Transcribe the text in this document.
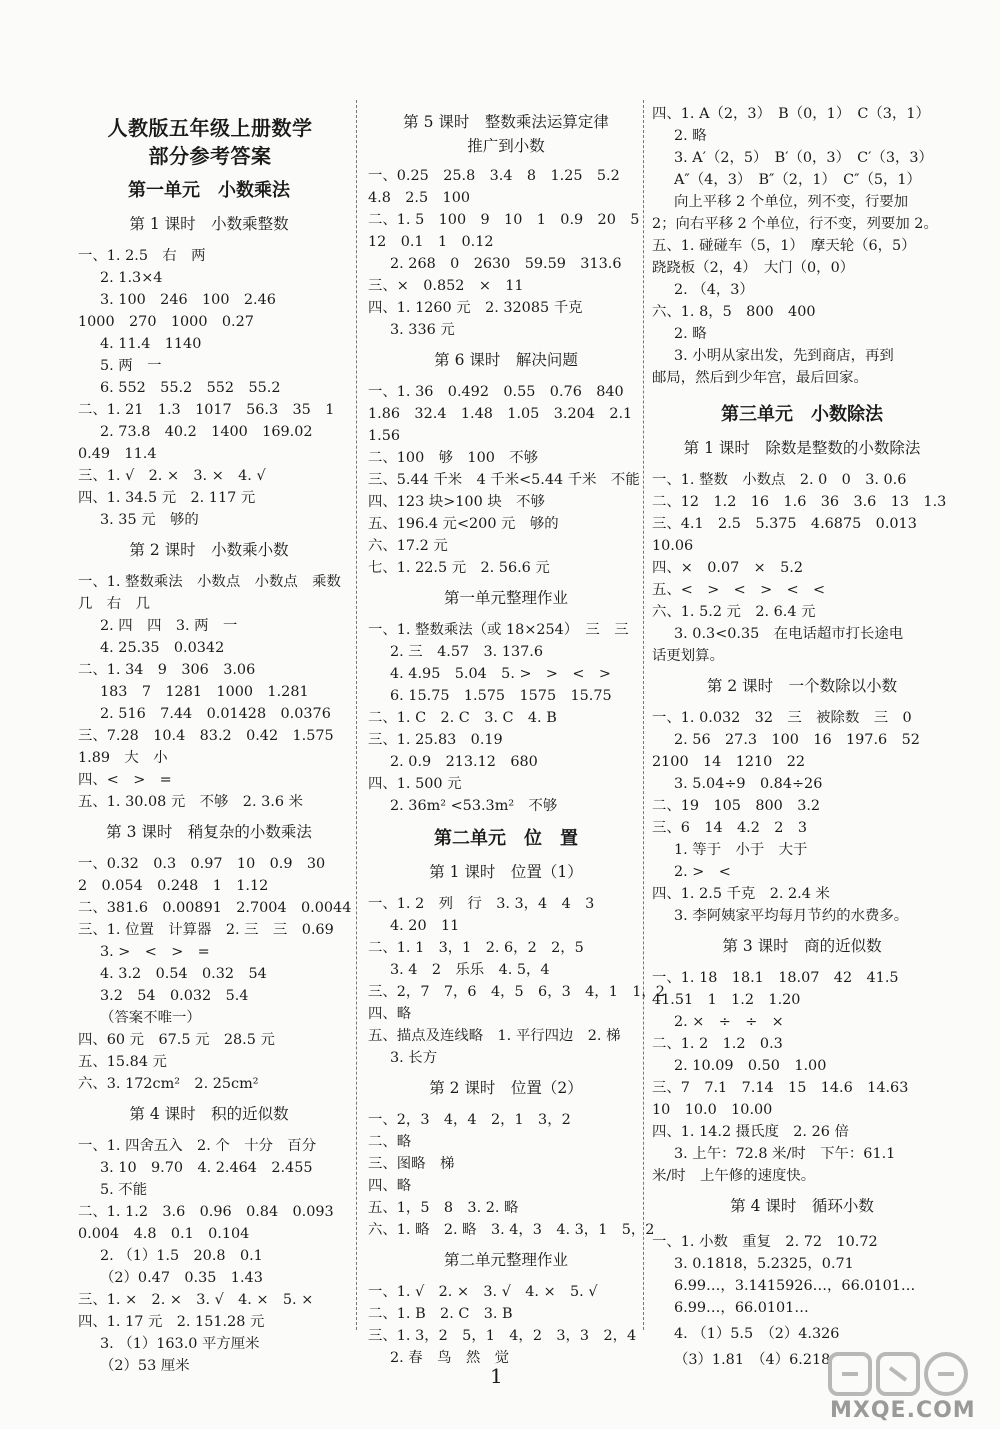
人教版五年级上册数学
部分参考答案
第一单元　小数乘法
第 1 课时　小数乘整数
一、1. 2.5　右　两
2. 1.3×4
3. 100　246　100　2.46
1000　270　1000　0.27
4. 11.4　1140
5. 两　一
6. 552　55.2　552　55.2
二、1. 21　1.3　1017　56.3　35　1
2. 73.8　40.2　1400　169.02
0.49　11.4
三、1. √　2. ×　3. ×　4. √
四、1. 34.5 元　2. 117 元
3. 35 元　够的
第 2 课时　小数乘小数
一、1. 整数乘法　小数点　小数点　乘数
几　右　几
2. 四　四　3. 两　一
4. 25.35　0.0342
二、1. 34　9　306　3.06
183　7　1281　1000　1.281
2. 516　7.44　0.01428　0.0376
三、7.28　10.4　83.2　0.42　1.575
1.89　大　小
四、<　>　=
五、1. 30.08 元　不够　2. 3.6 米
第 3 课时　稍复杂的小数乘法
一、0.32　0.3　0.97　10　0.9　30
2　0.054　0.248　1　1.12
二、381.6　0.00891　2.7004　0.0044
三、1. 位置　计算器　2. 三　三　0.69
3. >　<　>　=
4. 3.2　0.54　0.32　54
3.2　54　0.032　5.4
（答案不唯一）
四、60 元　67.5 元　28.5 元
五、15.84 元
六、3. 172cm²　2. 25cm²
第 4 课时　积的近似数
一、1. 四舍五入　2. 个　十分　百分
3. 10　9.70　4. 2.464　2.455
5. 不能
二、1. 1.2　3.6　0.96　0.84　0.093
0.004　4.8　0.1　0.104
2. （1）1.5　20.8　0.1
（2）0.47　0.35　1.43
三、1. ×　2. ×　3. √　4. ×　5. ×
四、1. 17 元　2. 151.28 元
3. （1）163.0 平方厘米
（2）53 厘米
第 5 课时　整数乘法运算定律
推广到小数
一、0.25　25.8　3.4　8　1.25　5.2
4.8　2.5　100
二、1. 5　100　9　10　1　0.9　20　5
12　0.1　1　0.12
2. 268　0　2630　59.59　313.6
三、×　0.852　×　11
四、1. 1260 元　2. 32085 千克
3. 336 元
第 6 课时　解决问题
一、1. 36　0.492　0.55　0.76　840
1.86　32.4　1.48　1.05　3.204　2.1
1.56
二、100　够　100　不够
三、5.44 千米　4 千米<5.44 千米　不能
四、123 块>100 块　不够
五、196.4 元<200 元　够的
六、17.2 元
七、1. 22.5 元　2. 56.6 元
第一单元整理作业
一、1. 整数乘法（或 18×254）　三　三
2. 三　4.57　3. 137.6
4. 4.95　5.04　5. >　>　<　>
6. 15.75　1.575　1575　15.75
二、1. C　2. C　3. C　4. B
三、1. 25.83　0.19
2. 0.9　213.12　680
四、1. 500 元
2. 36m² <53.3m²　不够
第二单元　位　置
第 1 课时　位置（1）
一、1. 2　列　行　3. 3，4　4　3
4. 20　11
二、1. 1　3，1　2. 6，2　2，5
3. 4　2　乐乐　4. 5，4
三、2，7　7，6　4，5　6，3　4，1　1，2
四、略
五、描点及连线略　1. 平行四边　2. 梯
3. 长方
第 2 课时　位置（2）
一、2，3　4，4　2，1　3，2
二、略
三、图略　梯
四、略
五、1，5　8　3. 2. 略
六、1. 略　2. 略　3. 4，3　4. 3，1　5，2
第二单元整理作业
一、1. √　2. ×　3. √　4. ×　5. √
二、1. B　2. C　3. B
三、1. 3，2　5，1　4，2　3，3　2，4
2. 春　鸟　然　觉
四、1. A（2，3）　B（0，1）　C（3，1）
2. 略
3. A′（2，5）　B′（0，3）　C′（3，3）
A″（4，3）　B″（2，1）　C″（5，1）
向上平移 2 个单位，列不变，行要加
2；向右平移 2 个单位，行不变，列要加 2。
五、1. 碰碰车（5，1）　摩天轮（6，5）
跷跷板（2，4）　大门（0，0）
2. （4，3）
六、1. 8，5　800　400
2. 略
3. 小明从家出发，先到商店，再到
邮局，然后到少年宫，最后回家。
第三单元　小数除法
第 1 课时　除数是整数的小数除法
一、1. 整数　小数点　2. 0　0　3. 0.6
二、12　1.2　16　1.6　36　3.6　13　1.3
三、4.1　2.5　5.375　4.6875　0.013
10.06
四、×　0.07　×　5.2
五、<　>　<　>　<　<
六、1. 5.2 元　2. 6.4 元
3. 0.3<0.35　在电话超市打长途电
话更划算。
第 2 课时　一个数除以小数
一、1. 0.032　32　三　被除数　三　0
2. 56　27.3　100　16　197.6　52
2100　14　1210　22
3. 5.04÷9　0.84÷26
二、19　105　800　3.2
三、6　14　4.2　2　3
1. 等于　小于　大于
2. >　<
四、1. 2.5 千克　2. 2.4 米
3. 李阿姨家平均每月节约的水费多。
第 3 课时　商的近似数
一、1. 18　18.1　18.07　42　41.5
41.51　1　1.2　1.20
2. ×　÷　÷　×
二、1. 2　1.2　0.3
2. 10.09　0.50　1.00
三、7　7.1　7.14　15　14.6　14.63
10　10.0　10.00
四、1. 14.2 摄氏度　2. 26 倍
3. 上午：72.8 米/时　下午：61.1
米/时　上午修的速度快。
第 4 课时　循环小数
一、1. 小数　重复　2. 72　10.72
3. 0.1818，5.2325，0.71
6.99…，3.1415926…，66.0101…
6.99…，66.0101…
4. （1）5.5　（2）4.326
（3）1.81　（4）6.218
1
MXQE.COM
